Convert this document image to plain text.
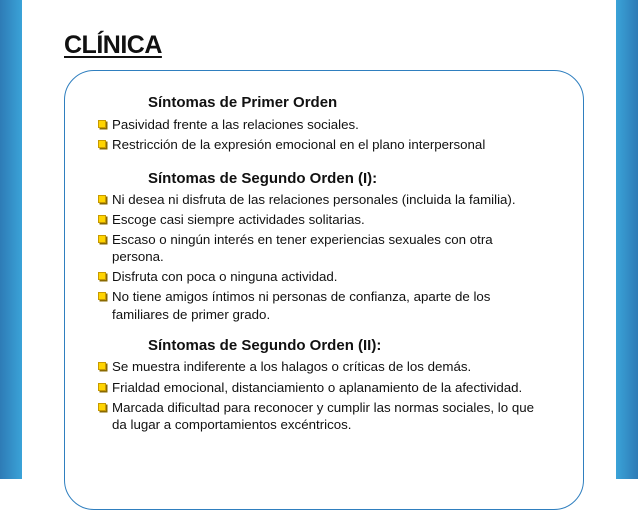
CLÍNICA
Síntomas de Primer Orden
Pasividad frente a las relaciones sociales.
Restricción de la expresión emocional en el plano interpersonal
Síntomas de Segundo Orden (I):
Ni desea ni disfruta de las relaciones personales (incluida la familia).
Escoge casi siempre actividades solitarias.
Escaso o ningún interés en tener experiencias sexuales con otra persona.
Disfruta con poca o ninguna actividad.
No tiene amigos íntimos ni personas de confianza, aparte de los familiares de primer grado.
Síntomas de Segundo Orden (II):
Se muestra indiferente a los halagos o críticas de los demás.
Frialdad emocional, distanciamiento o aplanamiento de la afectividad.
Marcada dificultad para reconocer y cumplir las normas sociales, lo que da lugar a comportamientos excéntricos.
